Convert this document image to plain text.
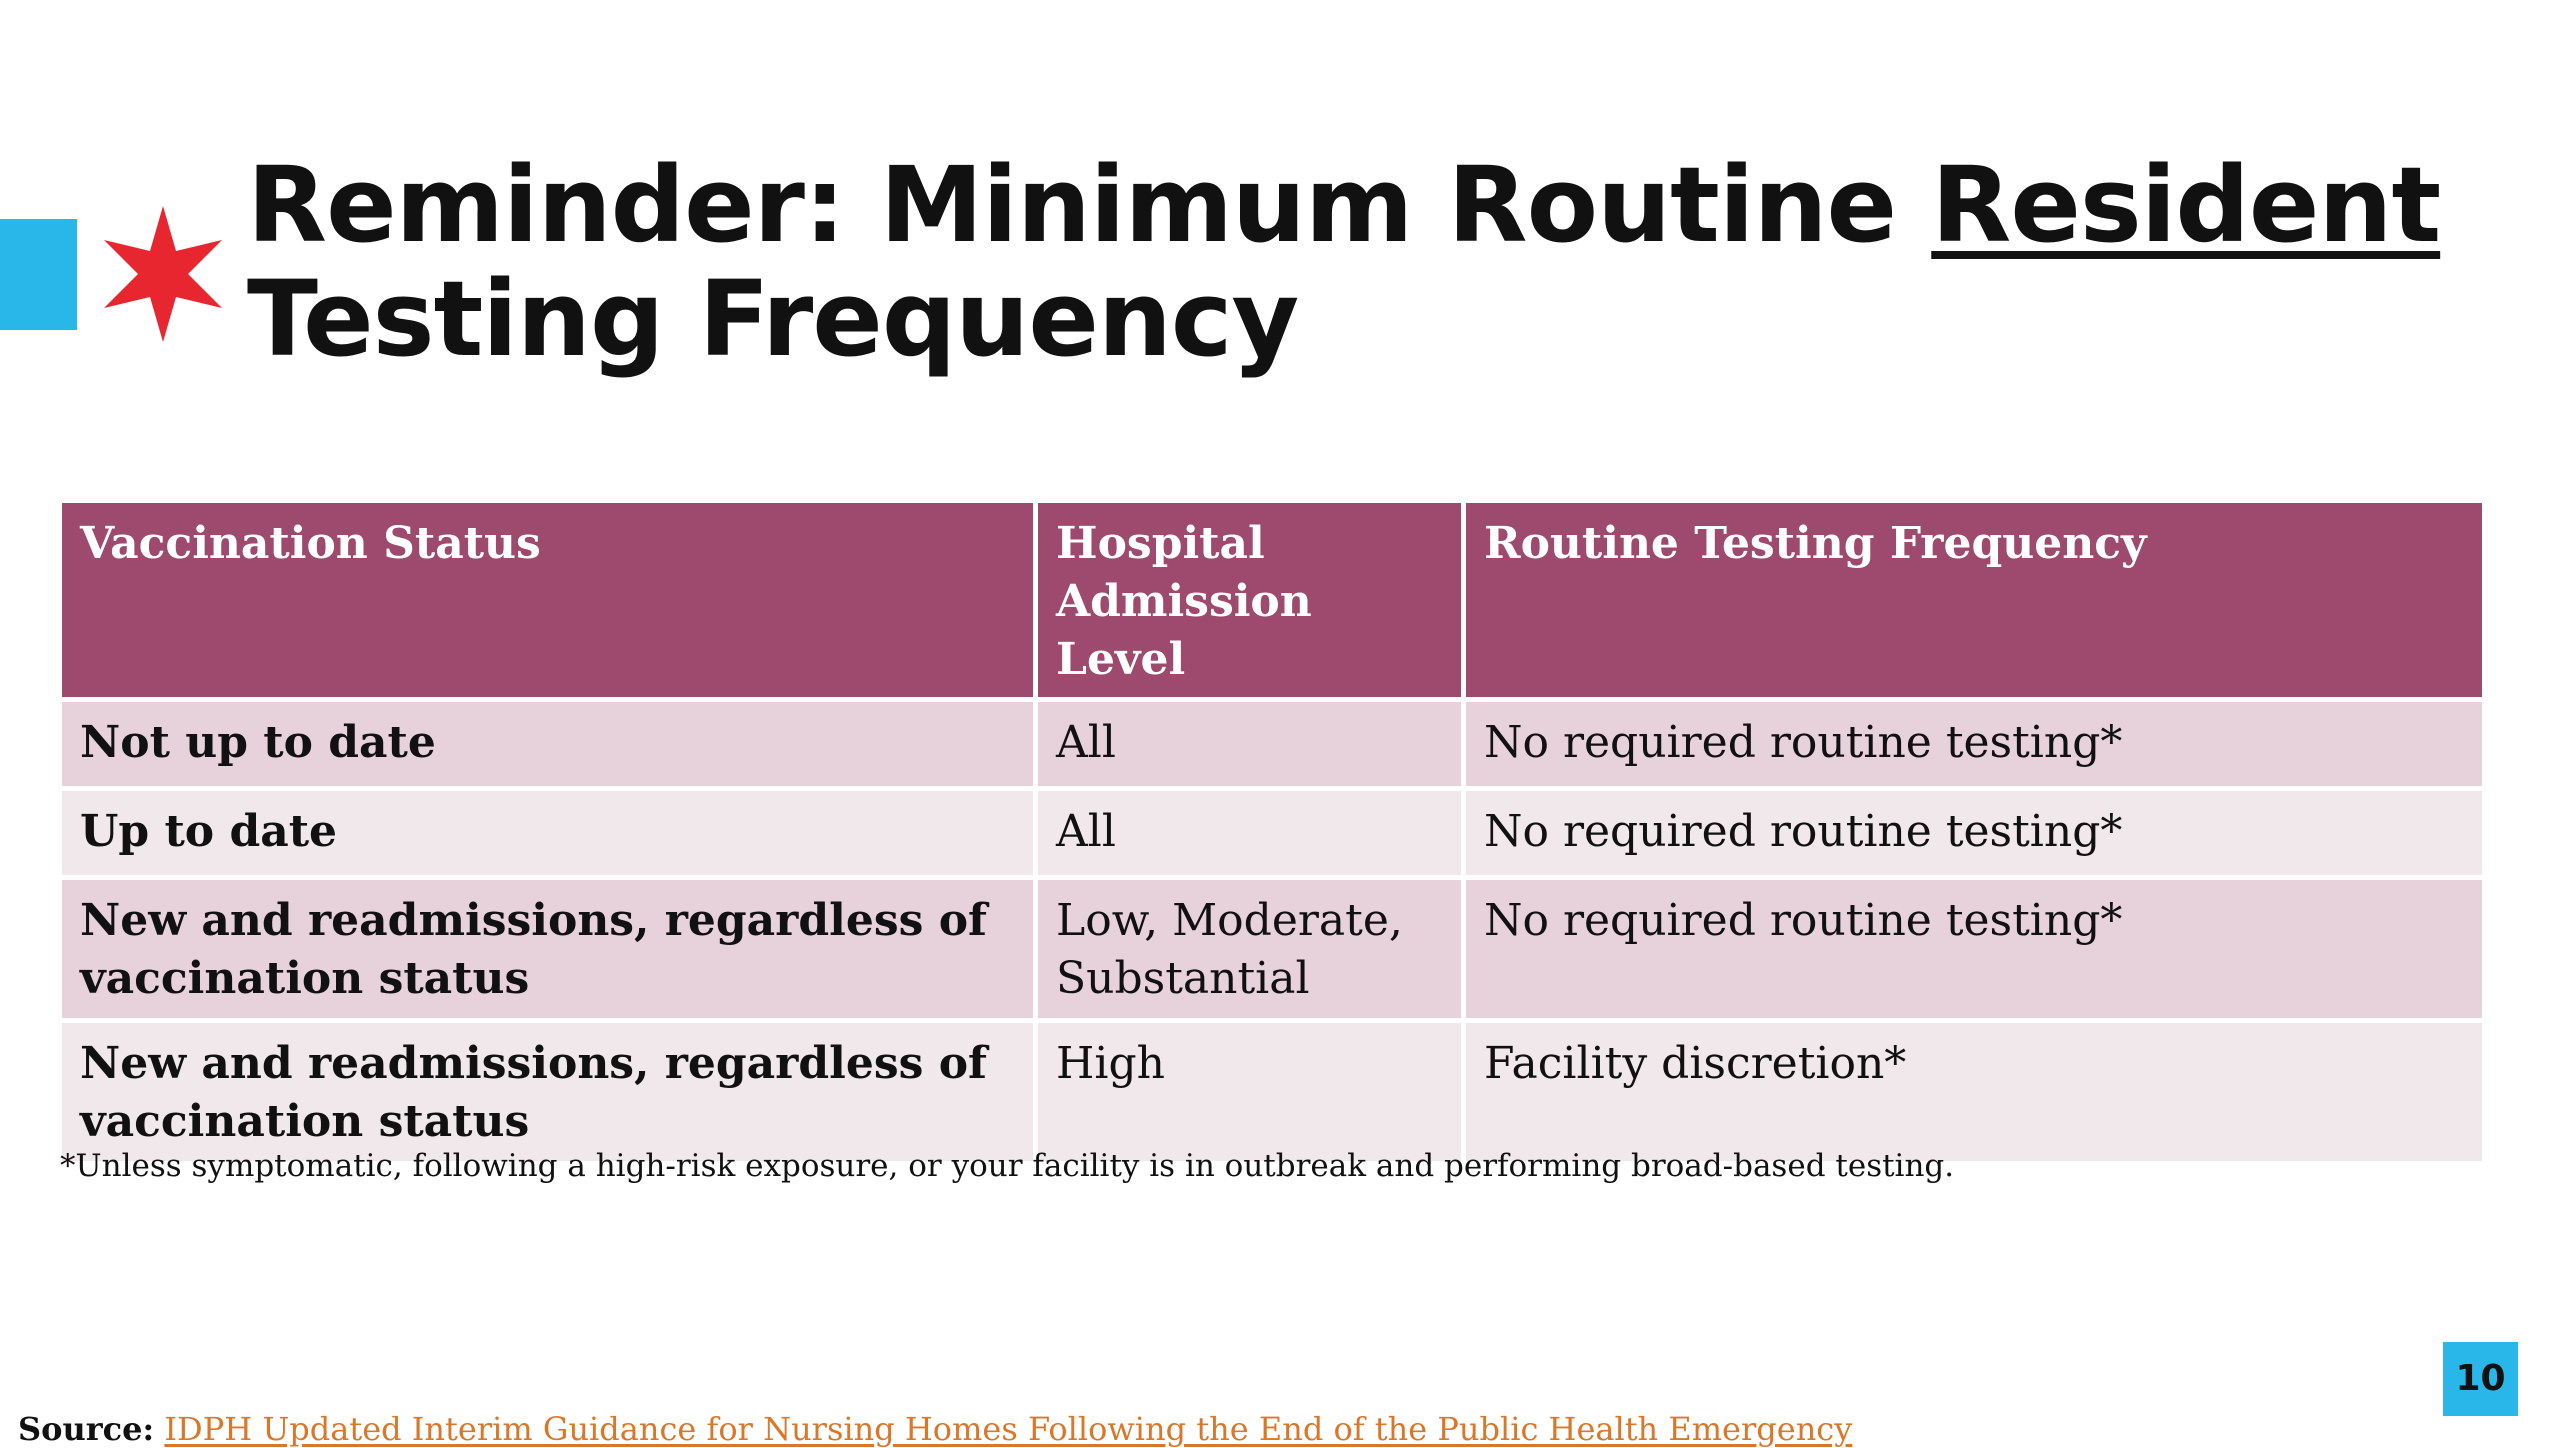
Reminder: Minimum Routine Resident
Testing Frequency
Vaccination Status	Hospital Admission Level	Routine Testing Frequency
Not up to date	All	No required routine testing*
Up to date	All	No required routine testing*
New and readmissions, regardless of vaccination status	Low, Moderate, Substantial	No required routine testing*
New and readmissions, regardless of vaccination status	High	Facility discretion*
*Unless symptomatic, following a high-risk exposure, or your facility is in outbreak and performing broad-based testing.
10
Source: IDPH Updated Interim Guidance for Nursing Homes Following the End of the Public Health Emergency
